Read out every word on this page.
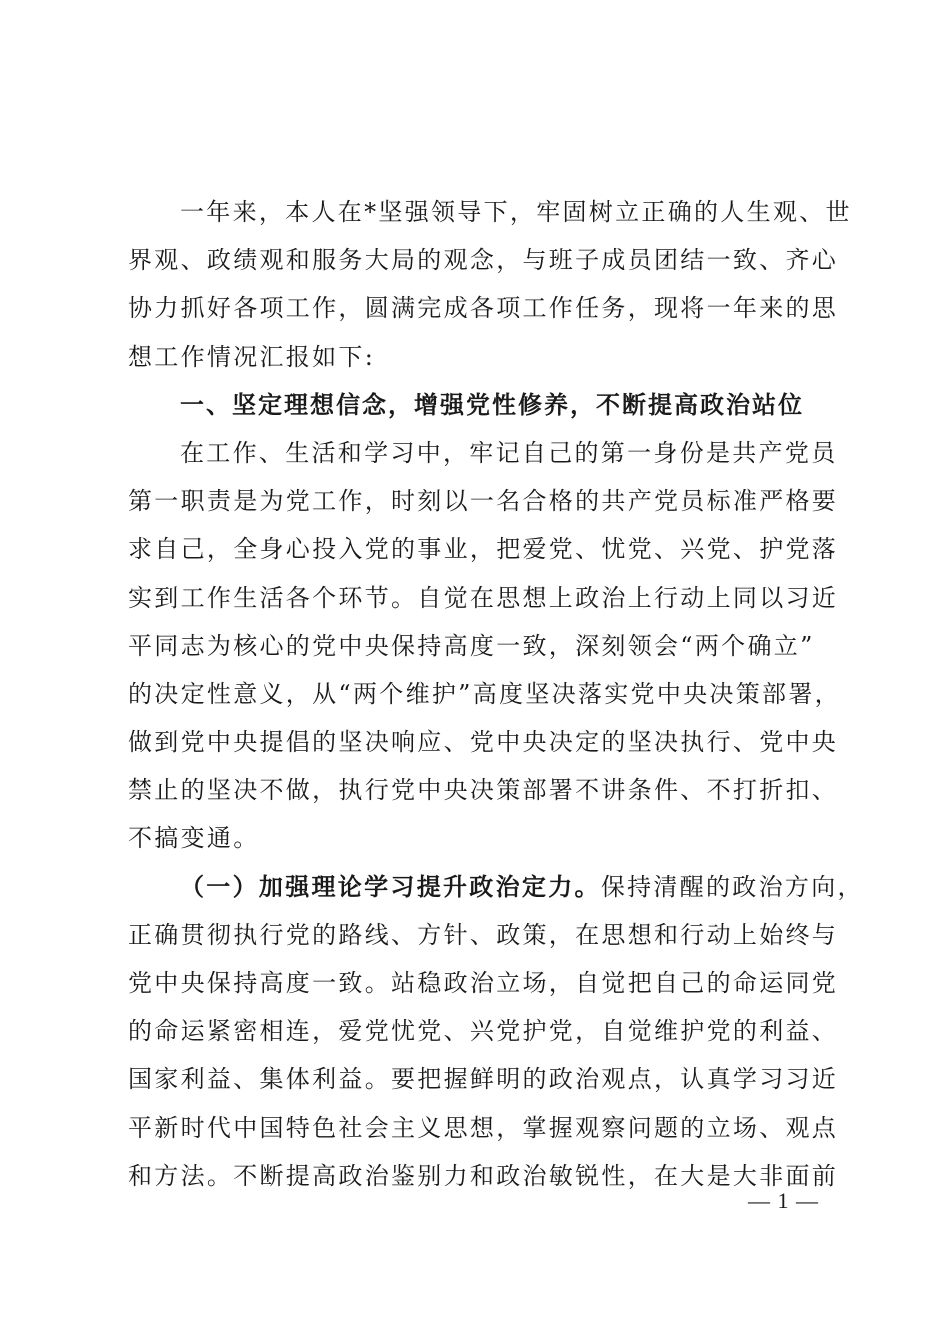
一年来，本人在*坚强领导下，牢固树立正确的人生观、世
界观、政绩观和服务大局的观念，与班子成员团结一致、齐心
协力抓好各项工作，圆满完成各项工作任务，现将一年来的思
想工作情况汇报如下:
一、坚定理想信念，增强党性修养，不断提高政治站位
在工作、生活和学习中，牢记自己的第一身份是共产党员
第一职责是为党工作，时刻以一名合格的共产党员标准严格要
求自己，全身心投入党的事业，把爱党、忧党、兴党、护党落
实到工作生活各个环节。自觉在思想上政治上行动上同以习近
平同志为核心的党中央保持高度一致，深刻领会“两个确立”
的决定性意义，从“两个维护”高度坚决落实党中央决策部署，
做到党中央提倡的坚决响应、党中央决定的坚决执行、党中央
禁止的坚决不做，执行党中央决策部署不讲条件、不打折扣、
不搞变通。
（一）加强理论学习提升政治定力。保持清醒的政治方向，
正确贯彻执行党的路线、方针、政策，在思想和行动上始终与
党中央保持高度一致。站稳政治立场，自觉把自己的命运同党
的命运紧密相连，爱党忧党、兴党护党，自觉维护党的利益、
国家利益、集体利益。要把握鲜明的政治观点，认真学习习近
平新时代中国特色社会主义思想，掌握观察问题的立场、观点
和方法。不断提高政治鉴别力和政治敏锐性，在大是大非面前
— 1 —
